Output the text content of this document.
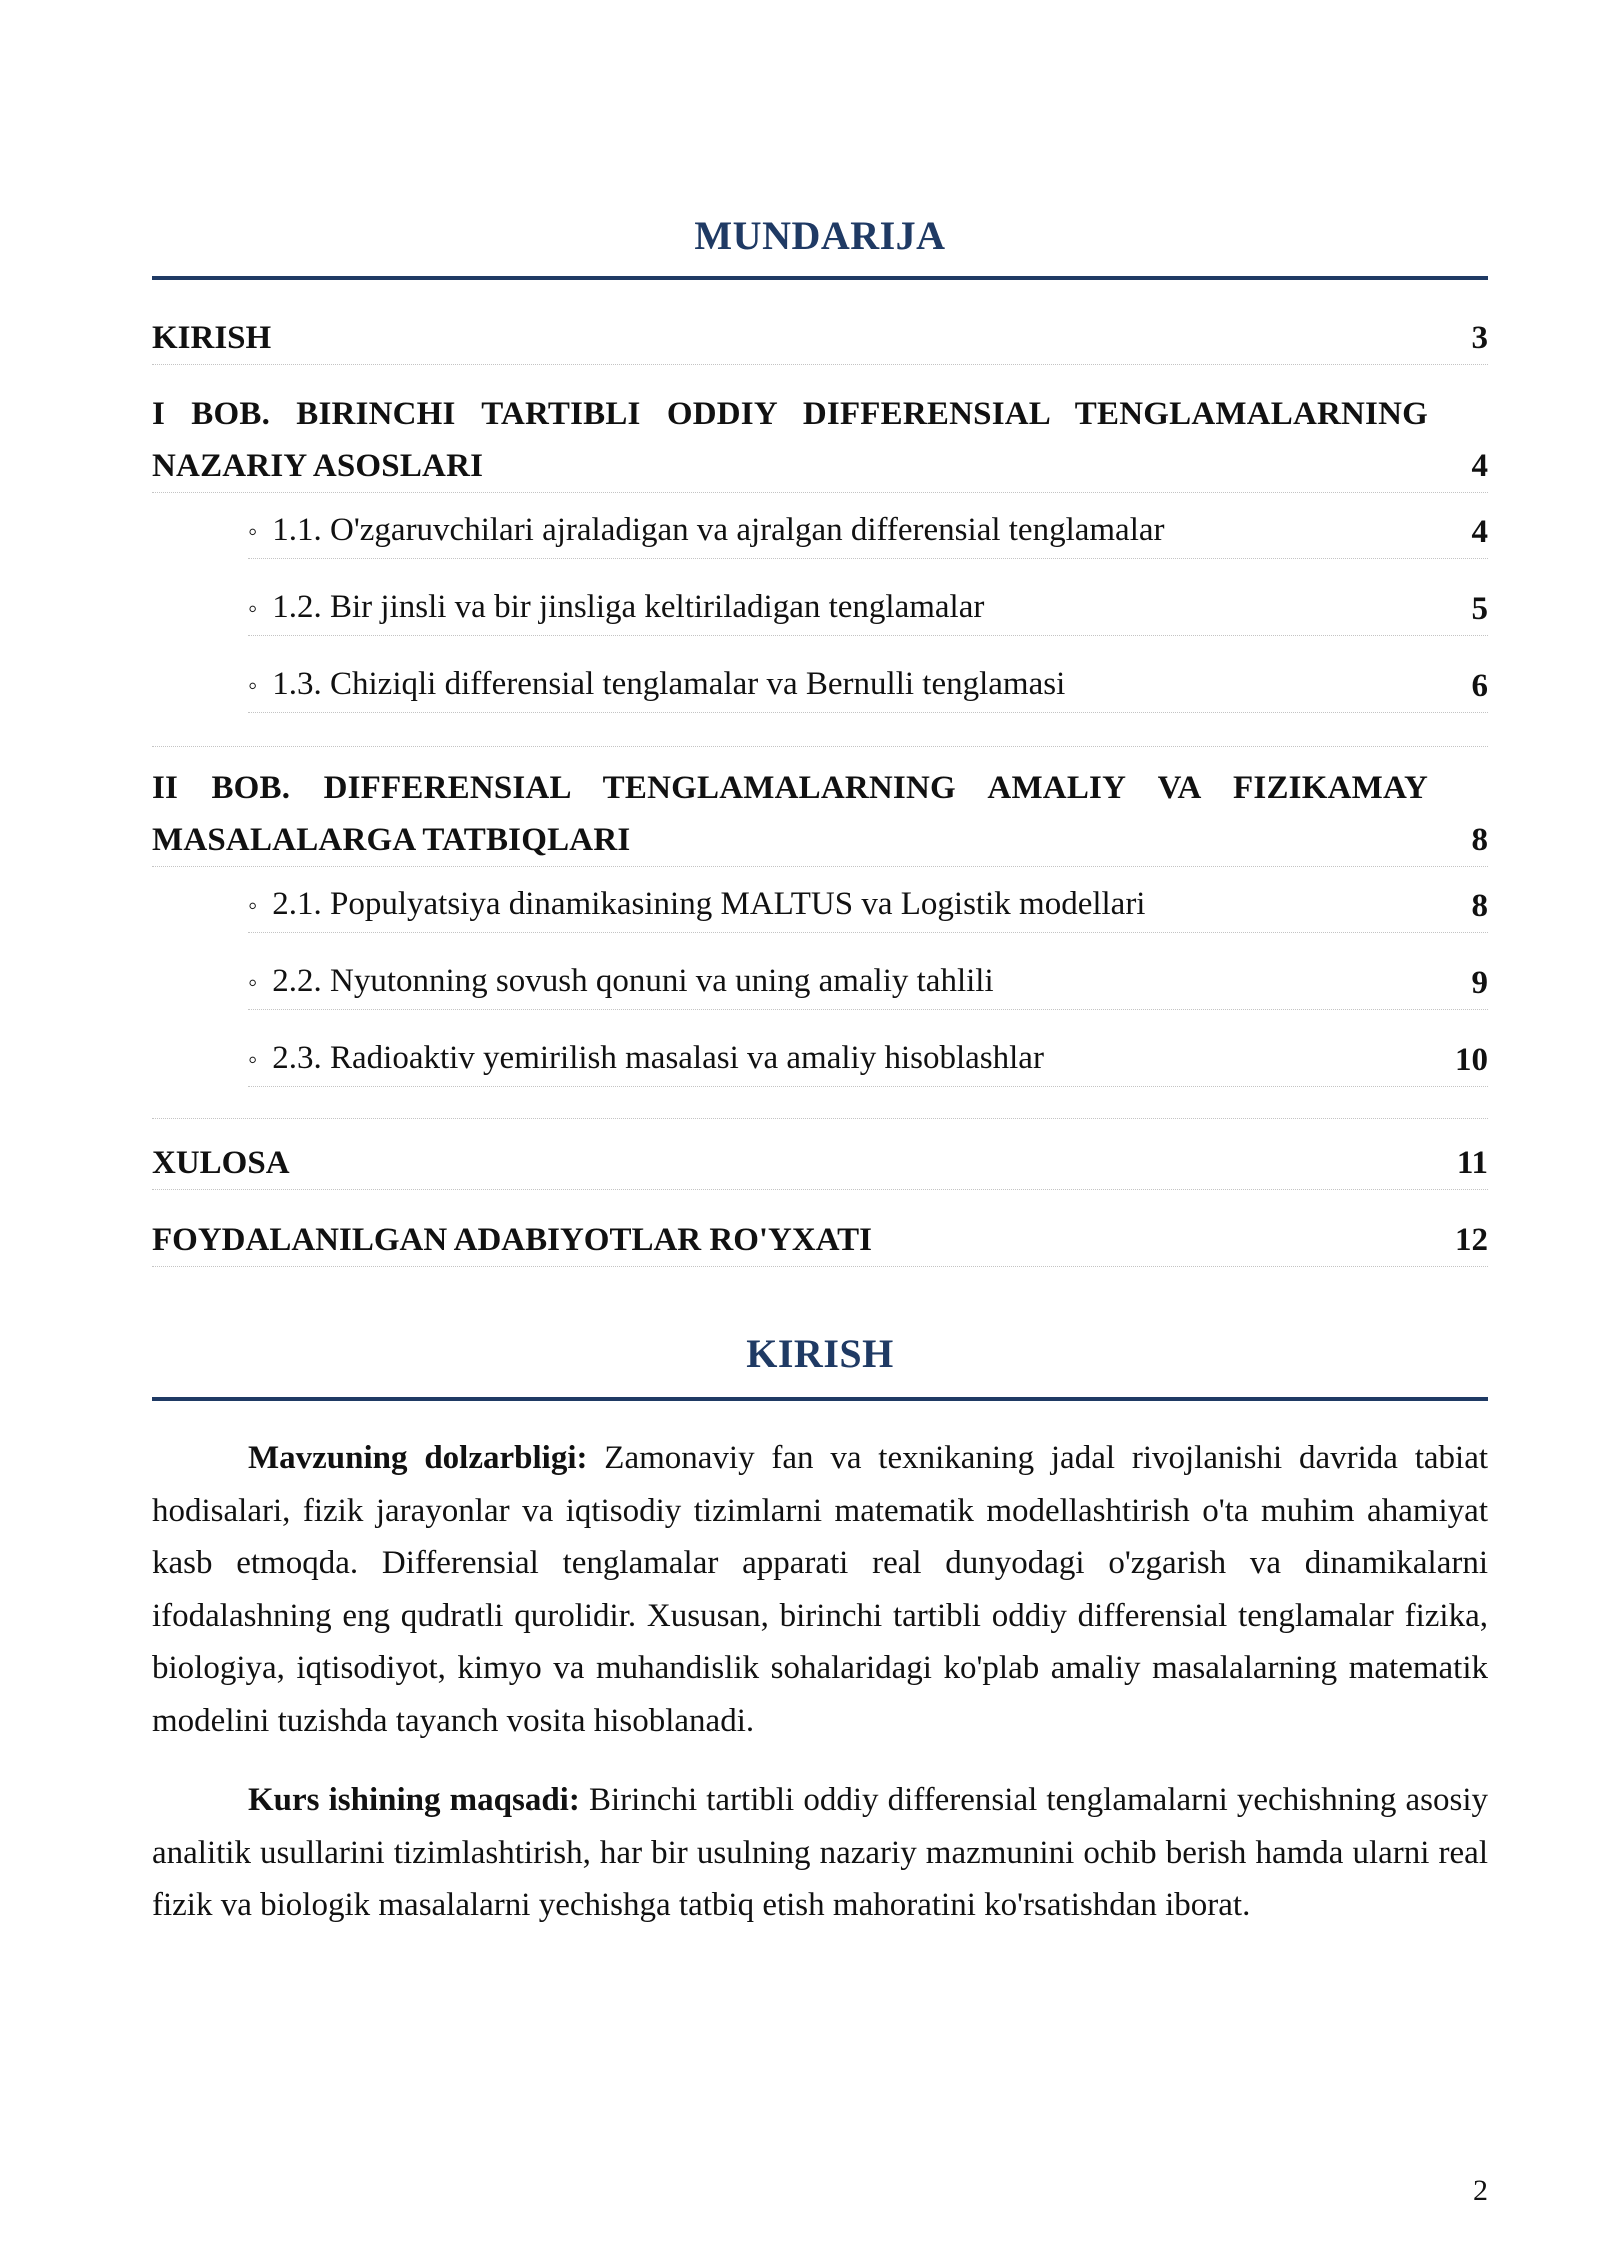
MUNDARIJA
KIRISH	3
I BOB. BIRINCHI TARTIBLI ODDIY DIFFERENSIAL TENGLAMALARNING NAZARIY ASOSLARI	4
◦ 1.1. O'zgaruvchilari ajraladigan va ajralgan differensial tenglamalar	4
◦ 1.2. Bir jinsli va bir jinsliga keltiriladigan tenglamalar	5
◦ 1.3. Chiziqli differensial tenglamalar va Bernulli tenglamasi	6
II BOB. DIFFERENSIAL TENGLAMALARNING AMALIY VA FIZIKAMAY MASALALARGA TATBIQLARI	8
◦ 2.1. Populyatsiya dinamikasining MALTUS va Logistik modellari	8
◦ 2.2. Nyutonning sovush qonuni va uning amaliy tahlili	9
◦ 2.3. Radioaktiv yemirilish masalasi va amaliy hisoblashlar	10
XULOSA	11
FOYDALANILGAN ADABIYOTLAR RO'YXATI	12
KIRISH

Mavzuning dolzarbligi: Zamonaviy fan va texnikaning jadal rivojlanishi davrida tabiat hodisalari, fizik jarayonlar va iqtisodiy tizimlarni matematik modellashtirish o'ta muhim ahamiyat kasb etmoqda. Differensial tenglamalar apparati real dunyodagi o'zgarish va dinamikalarni ifodalashning eng qudratli qurolidir. Xususan, birinchi tartibli oddiy differensial tenglamalar fizika, biologiya, iqtisodiyot, kimyo va muhandislik sohalaridagi ko'plab amaliy masalalarning matematik modelini tuzishda tayanch vosita hisoblanadi.

Kurs ishining maqsadi: Birinchi tartibli oddiy differensial tenglamalarni yechishning asosiy analitik usullarini tizimlashtirish, har bir usulning nazariy mazmunini ochib berish hamda ularni real fizik va biologik masalalarni yechishga tatbiq etish mahoratini ko'rsatishdan iborat.

2
